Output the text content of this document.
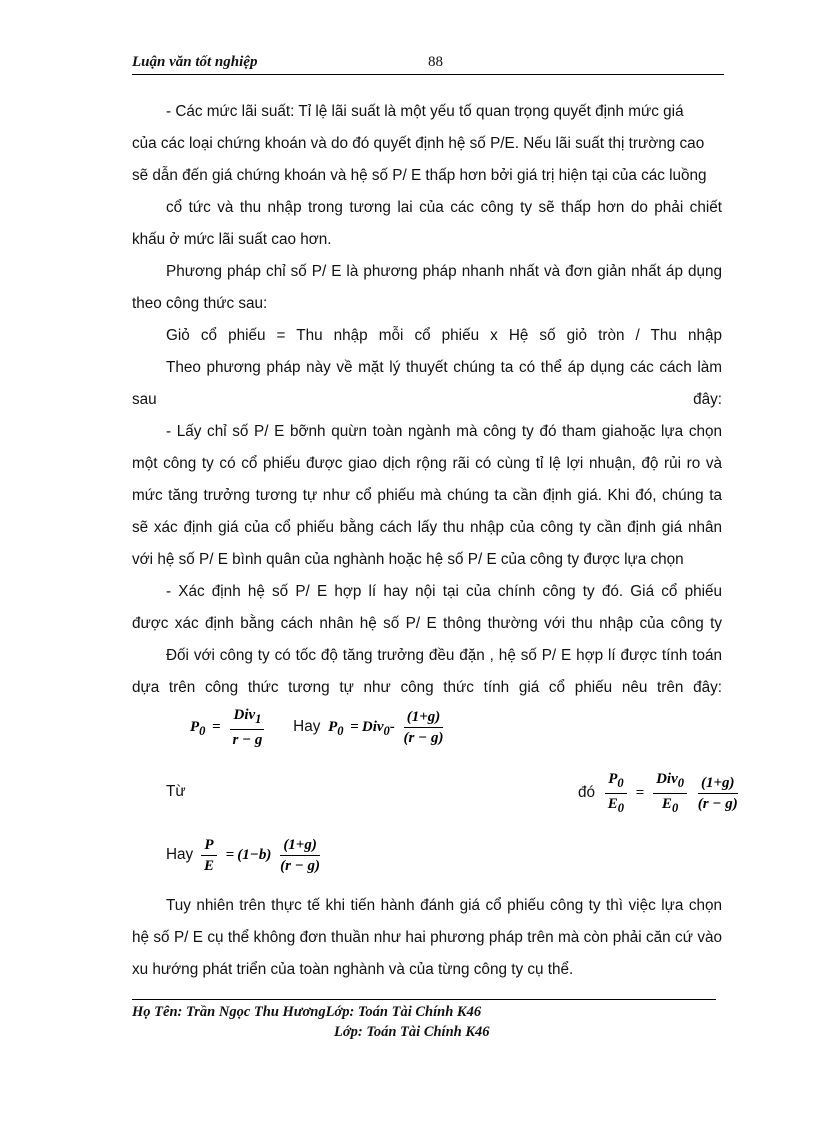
Luận văn tốt nghiệp	88

- Các mức lãi suất: Tỉ lệ lãi suất là một yếu tố quan trọng quyết định mức giá

của các loại chứng khoán và do đó quyết định hệ số P/E. Nếu lãi suất thị trường cao

sẽ dẫn đến giá chứng khoán và hệ số P/ E thấp hơn bởi giá trị hiện tại của các luồng

cổ tức và thu nhập trong tương lai của các công ty sẽ thấp hơn do phải chiết

khấu ở mức lãi suất cao hơn.

Phương pháp chỉ số P/ E là phương pháp nhanh nhất và đơn giản nhất áp dụng

theo công thức sau:

Giỏ cổ phiếu = Thu nhập mỗi cổ phiếu x Hệ số giỏ tròn / Thu nhập

Theo phương pháp này về mặt lý thuyết chúng ta có thể áp dụng các cách làm

sau đây:

- Lấy chỉ số P/ E bỡnh quừn toàn ngành mà công ty đó tham giahoặc lựa chọn

một công ty có cổ phiếu được giao dịch rộng rãi có cùng tỉ lệ lợi nhuận, độ rủi ro và

mức tăng trưởng tương tự như cổ phiếu mà chúng ta cần định giá. Khi đó, chúng ta

sẽ xác định giá của cổ phiếu bằng cách lấy thu nhập của công ty cần định giá nhân

với hệ số P/ E bình quân của nghành hoặc hệ số P/ E của công ty được lựa chọn

- Xác định hệ số P/ E hợp lí hay nội tại của chính công ty đó. Giá cổ phiếu

được xác định bằng cách nhân hệ số P/ E thông thường với thu nhập của công ty

Đối với công ty có tốc độ tăng trưởng đều đặn , hệ số P/ E hợp lí được tính toán

dựa trên công thức tương tự như công thức tính giá cổ phiếu nêu trên đây:

$P_0 = \frac{Div_1}{r - g}$ Hay $P_0 = Div_0- \frac{(1+g)}{(r - g)}$
Từ	đó $\frac{P_0}{E_0} = \frac{Div_0}{E_0}$
$\frac{(1+g)}{(r - g)}$
Hay $\frac{P}{E} = (1-b) \frac{(1+g)}{(r - g)}$

Tuy nhiên trên thực tế khi tiến hành đánh giá cổ phiếu công ty thì việc lựa chọn

hệ số P/ E cụ thể không đơn thuần như hai phương pháp trên mà còn phải căn cứ vào

xu hướng phát triển của toàn nghành và của từng công ty cụ thể.

Họ Tên: Trần Ngọc Thu HươngLớp: Toán Tài Chính K46
Lớp: Toán Tài Chính K46
